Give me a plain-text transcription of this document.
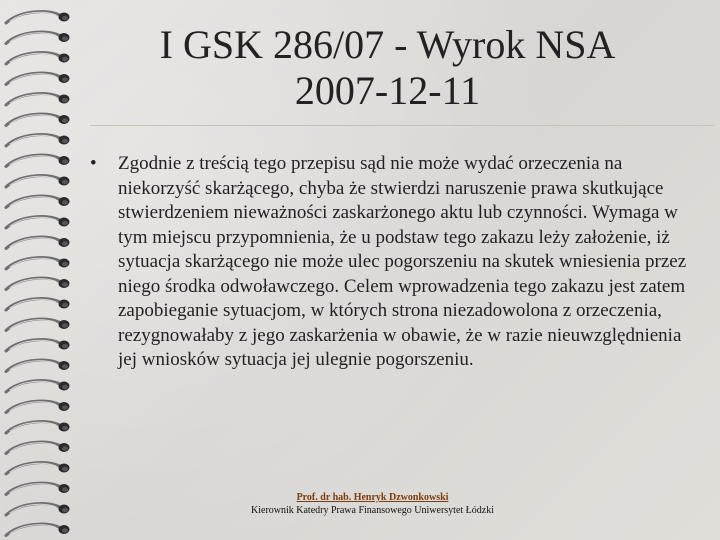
I GSK 286/07 - Wyrok NSA
2007-12-11
• Zgodnie z treścią tego przepisu sąd nie może wydać orzeczenia na niekorzyść skarżącego, chyba że stwierdzi naruszenie prawa skutkujące stwierdzeniem nieważności zaskarżonego aktu lub czynności. Wymaga w tym miejscu przypomnienia, że u podstaw tego zakazu leży założenie, iż sytuacja skarżącego nie może ulec pogorszeniu na skutek wniesienia przez niego środka odwoławczego. Celem wprowadzenia tego zakazu jest zatem zapobieganie sytuacjom, w których strona niezadowolona z orzeczenia, rezygnowałaby z jego zaskarżenia w obawie, że w razie nieuwzględnienia jej wniosków sytuacja jej ulegnie pogorszeniu.
Prof. dr hab. Henryk Dzwonkowski
Kierownik Katedry Prawa Finansowego Uniwersytet Łódzki
